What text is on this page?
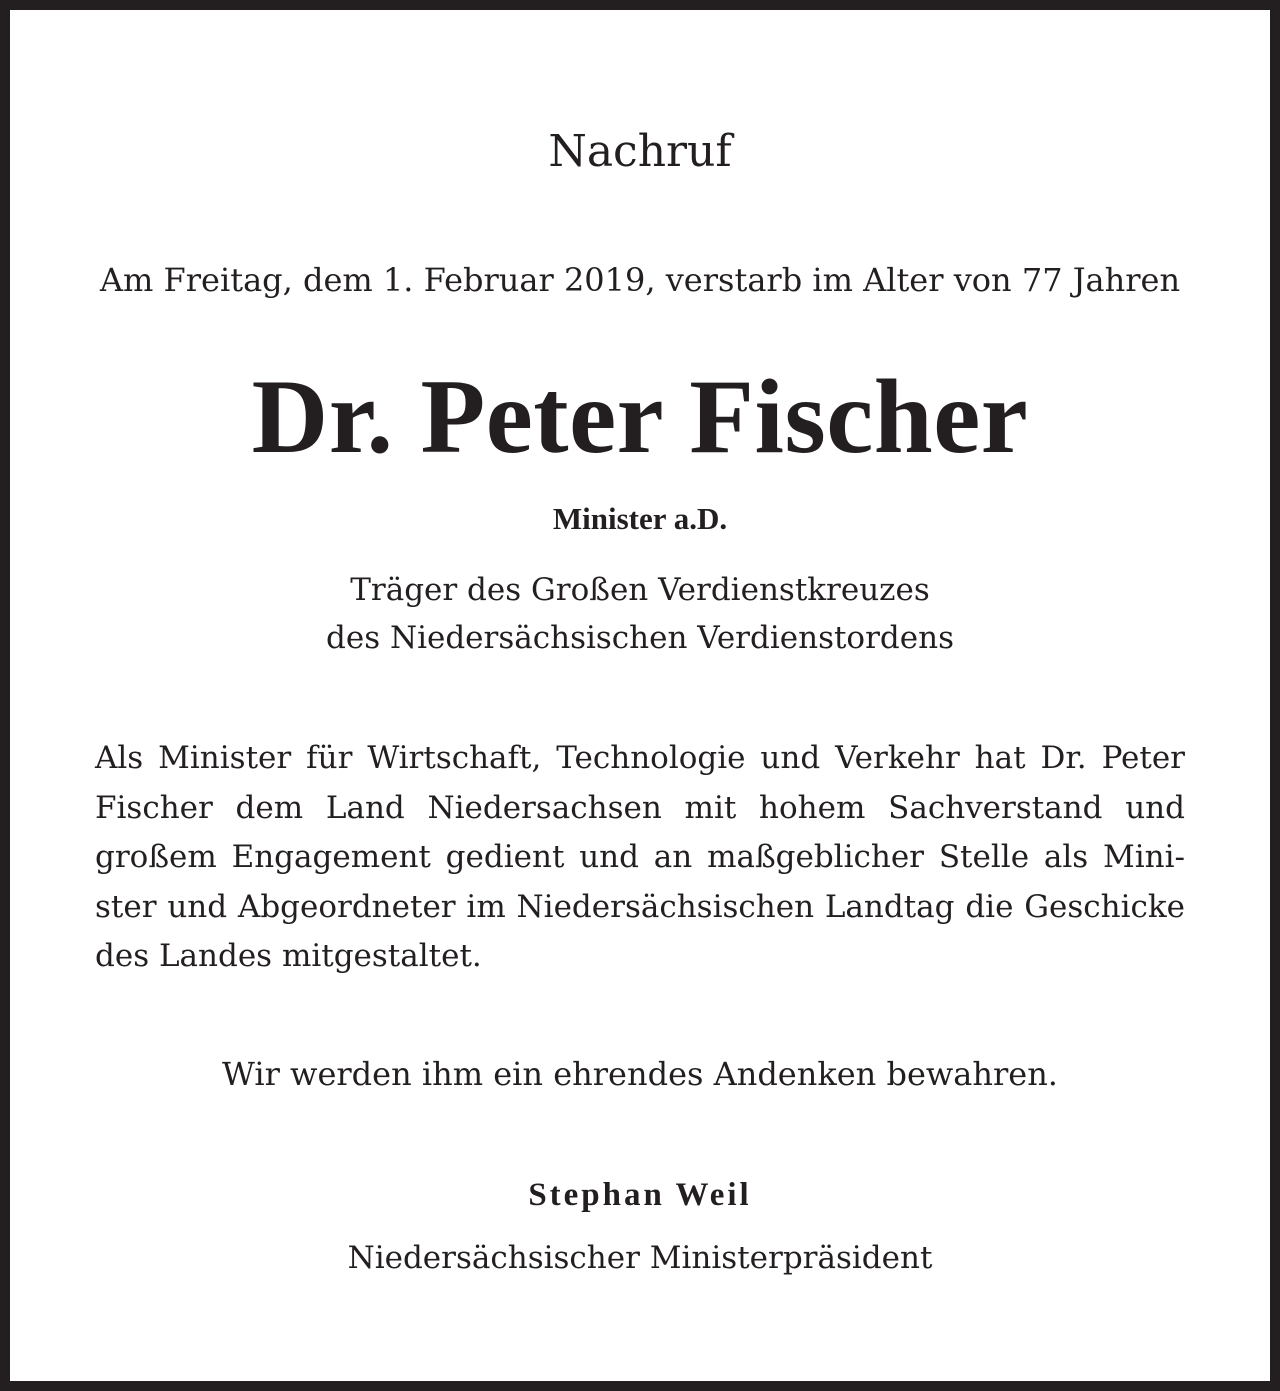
Nachruf

Am Freitag, dem 1. Februar 2019, verstarb im Alter von 77 Jahren

Dr. Peter Fischer

Minister a.D.

Träger des Großen Verdienstkreuzes
des Niedersächsischen Verdienstordens

Als Minister für Wirtschaft, Technologie und Verkehr hat Dr. Peter Fischer dem Land Niedersachsen mit hohem Sachverstand und großem Engagement gedient und an maßgeblicher Stelle als Minister und Abgeordneter im Niedersächsischen Landtag die Geschicke des Landes mitgestaltet.

Wir werden ihm ein ehrendes Andenken bewahren.

Stephan Weil

Niedersächsischer Ministerpräsident
